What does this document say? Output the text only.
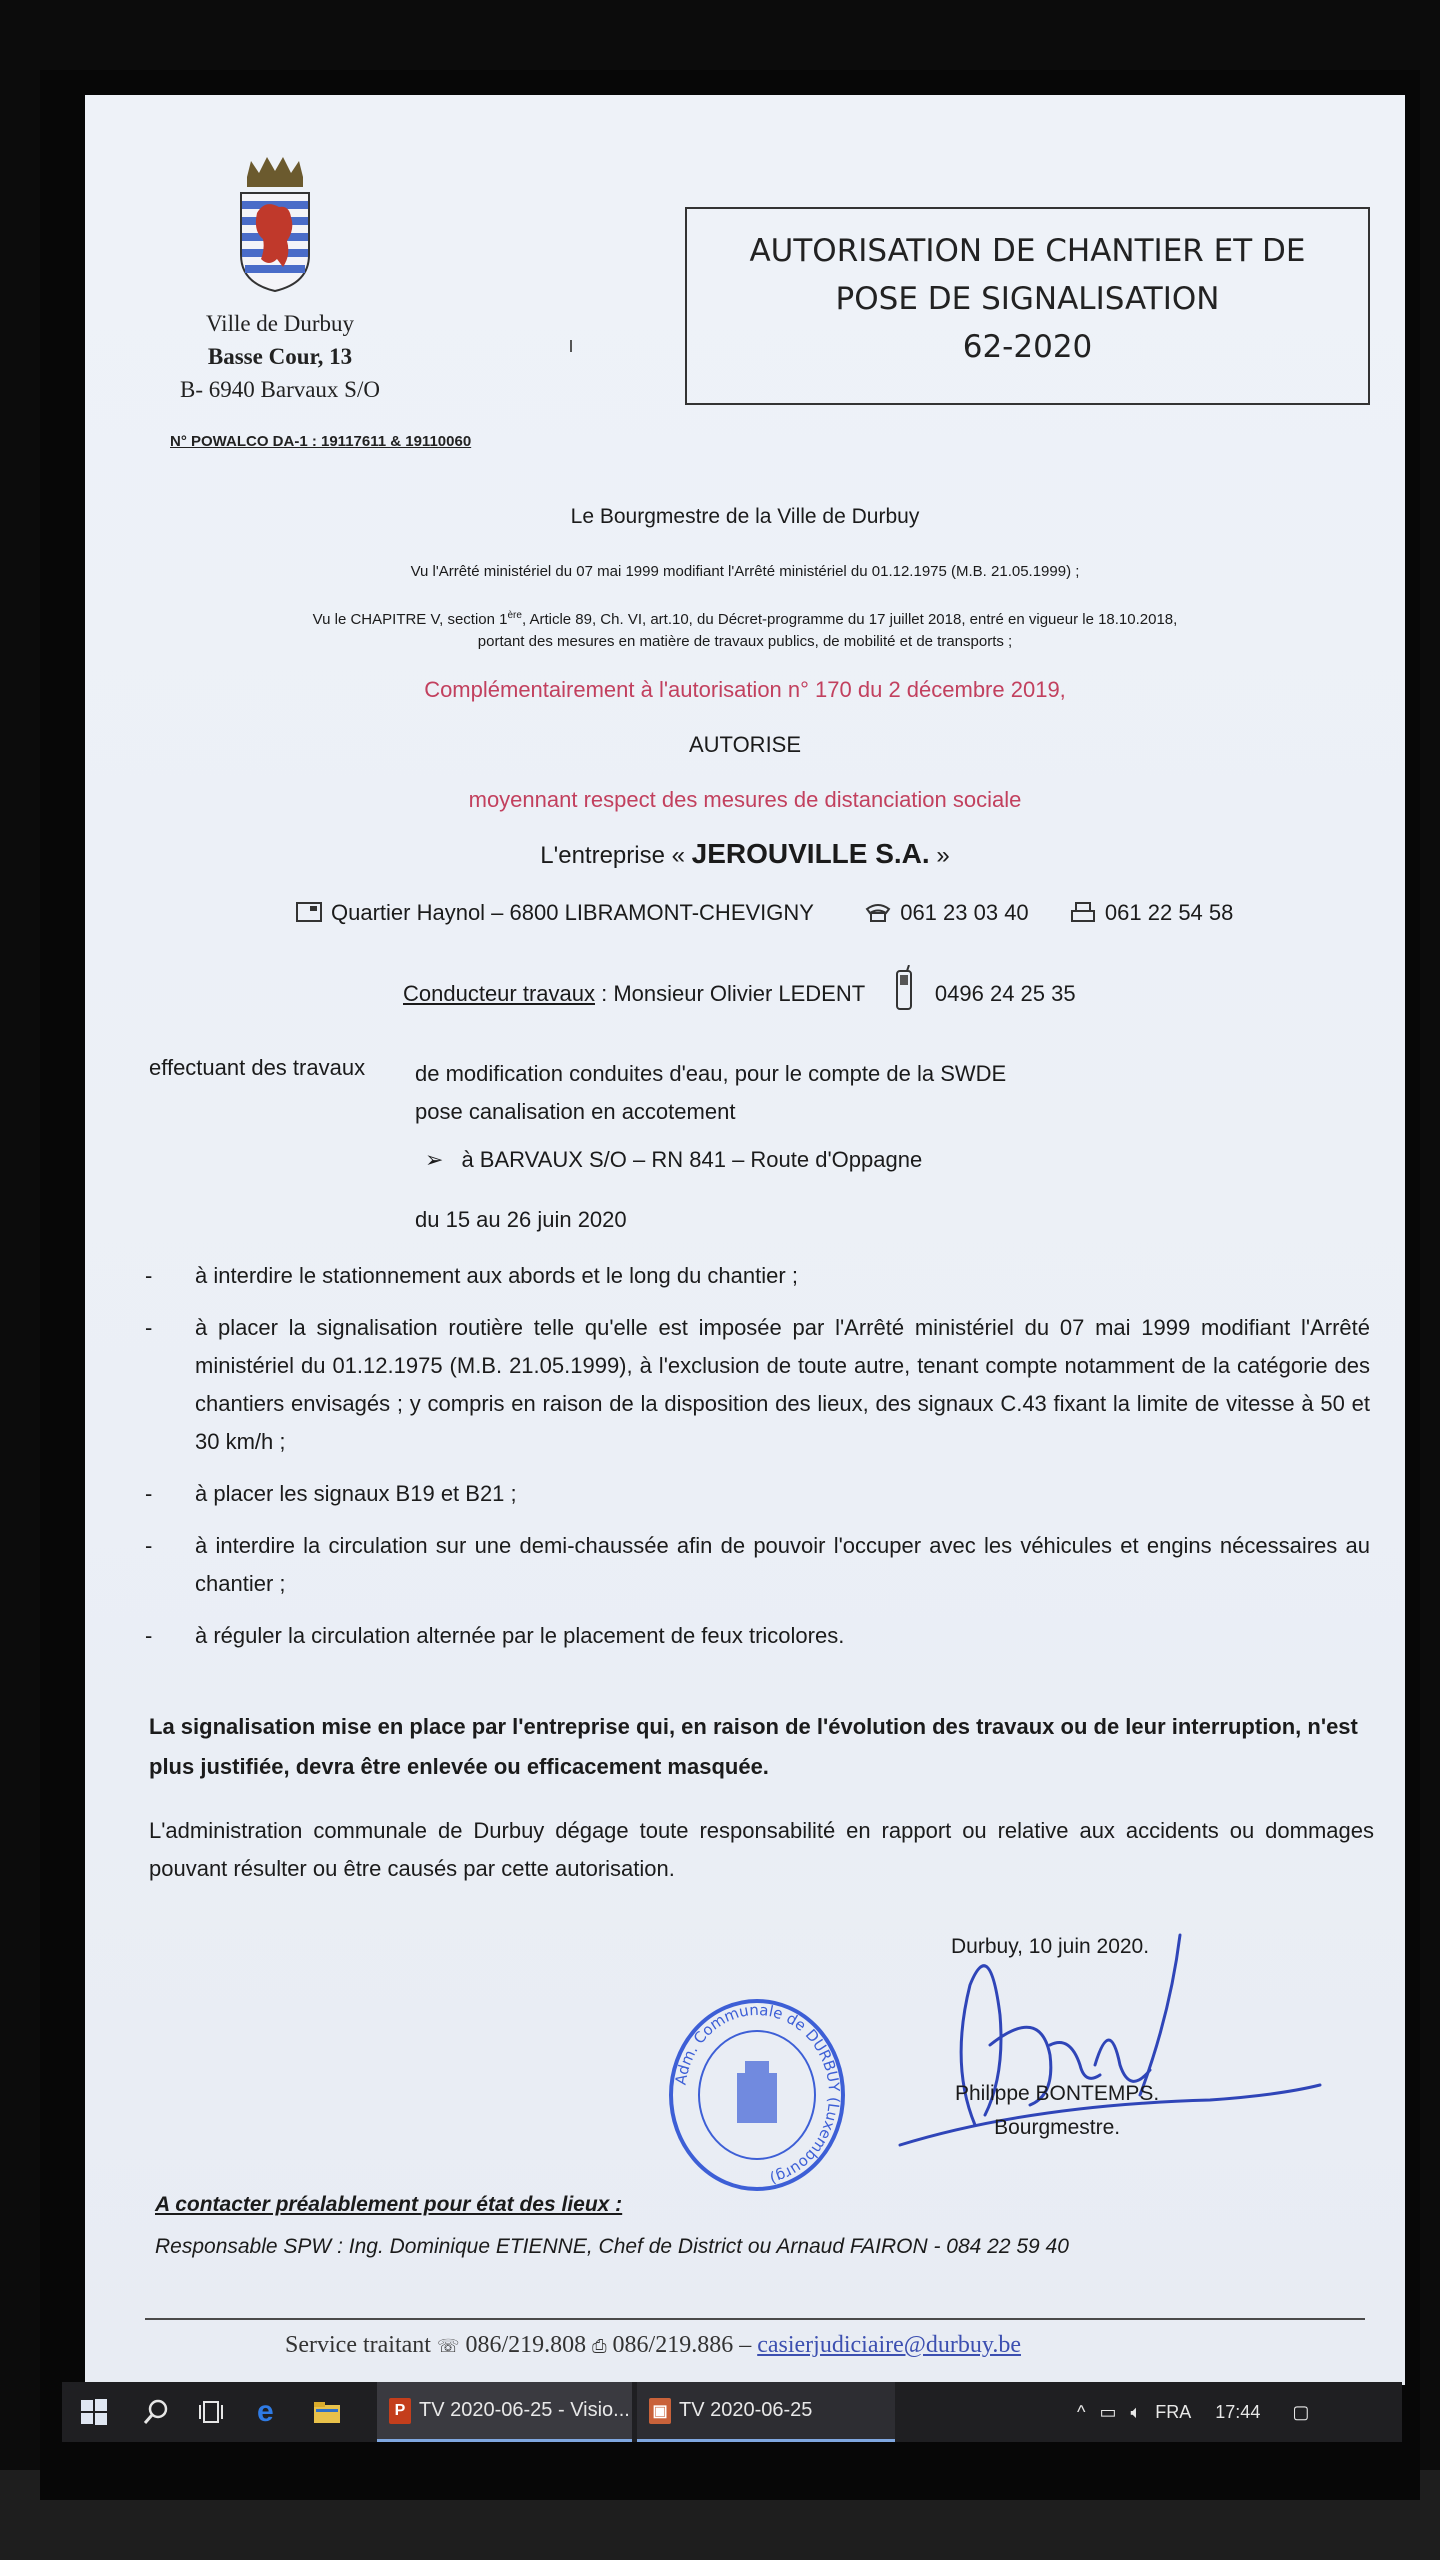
Ville de Durbuy
Basse Cour, 13
B- 6940 Barvaux S/O
N° POWALCO DA-1 : 19117611 & 19110060
AUTORISATION DE CHANTIER ET DE
POSE DE SIGNALISATION
62-2020
Le Bourgmestre de la Ville de Durbuy
Vu l'Arrêté ministériel du 07 mai 1999 modifiant l'Arrêté ministériel du 01.12.1975 (M.B. 21.05.1999) ;
Vu le CHAPITRE V, section 1ère, Article 89, Ch. VI, art.10, du Décret-programme du 17 juillet 2018, entré en vigueur le 18.10.2018,
portant des mesures en matière de travaux publics, de mobilité et de transports ;
Complémentairement à l'autorisation n° 170 du 2 décembre 2019,
AUTORISE
moyennant respect des mesures de distanciation sociale
L'entreprise « JEROUVILLE S.A. »
Quartier Haynol – 6800 LIBRAMONT-CHEVIGNY	061 23 03 40	061 22 54 58
Conducteur travaux : Monsieur Olivier LEDENT	0496 24 25 35
effectuant des travaux de modification conduites d'eau, pour le compte de la SWDE
pose canalisation en accotement
➢ à BARVAUX S/O – RN 841 – Route d'Oppagne
du 15 au 26 juin 2020
- à interdire le stationnement aux abords et le long du chantier ;
- à placer la signalisation routière telle qu'elle est imposée par l'Arrêté ministériel du 07 mai 1999 modifiant l'Arrêté ministériel du 01.12.1975 (M.B. 21.05.1999), à l'exclusion de toute autre, tenant compte notamment de la catégorie des chantiers envisagés ; y compris en raison de la disposition des lieux, des signaux C.43 fixant la limite de vitesse à 50 et 30 km/h ;
- à placer les signaux B19 et B21 ;
- à interdire la circulation sur une demi-chaussée afin de pouvoir l'occuper avec les véhicules et engins nécessaires au chantier ;
- à réguler la circulation alternée par le placement de feux tricolores.
La signalisation mise en place par l'entreprise qui, en raison de l'évolution des travaux ou de leur interruption, n'est plus justifiée, devra être enlevée ou efficacement masquée.
L'administration communale de Durbuy dégage toute responsabilité en rapport ou relative aux accidents ou dommages pouvant résulter ou être causés par cette autorisation.
Durbuy, 10 juin 2020.
Adm. Communale de DURBUY (Luxembourg)
Philippe BONTEMPS.
Bourgmestre.
A contacter préalablement pour état des lieux :
Responsable SPW : Ing. Dominique ETIENNE, Chef de District ou Arnaud FAIRON - 084 22 59 40
Service traitant ☏ 086/219.808 ⎙ 086/219.886 – casierjudiciaire@durbuy.be
e	P TV 2020-06-25 - Visio... ▣ TV 2020-06-25	^ ▭ 🔈︎ FRA 17:44 ▢
